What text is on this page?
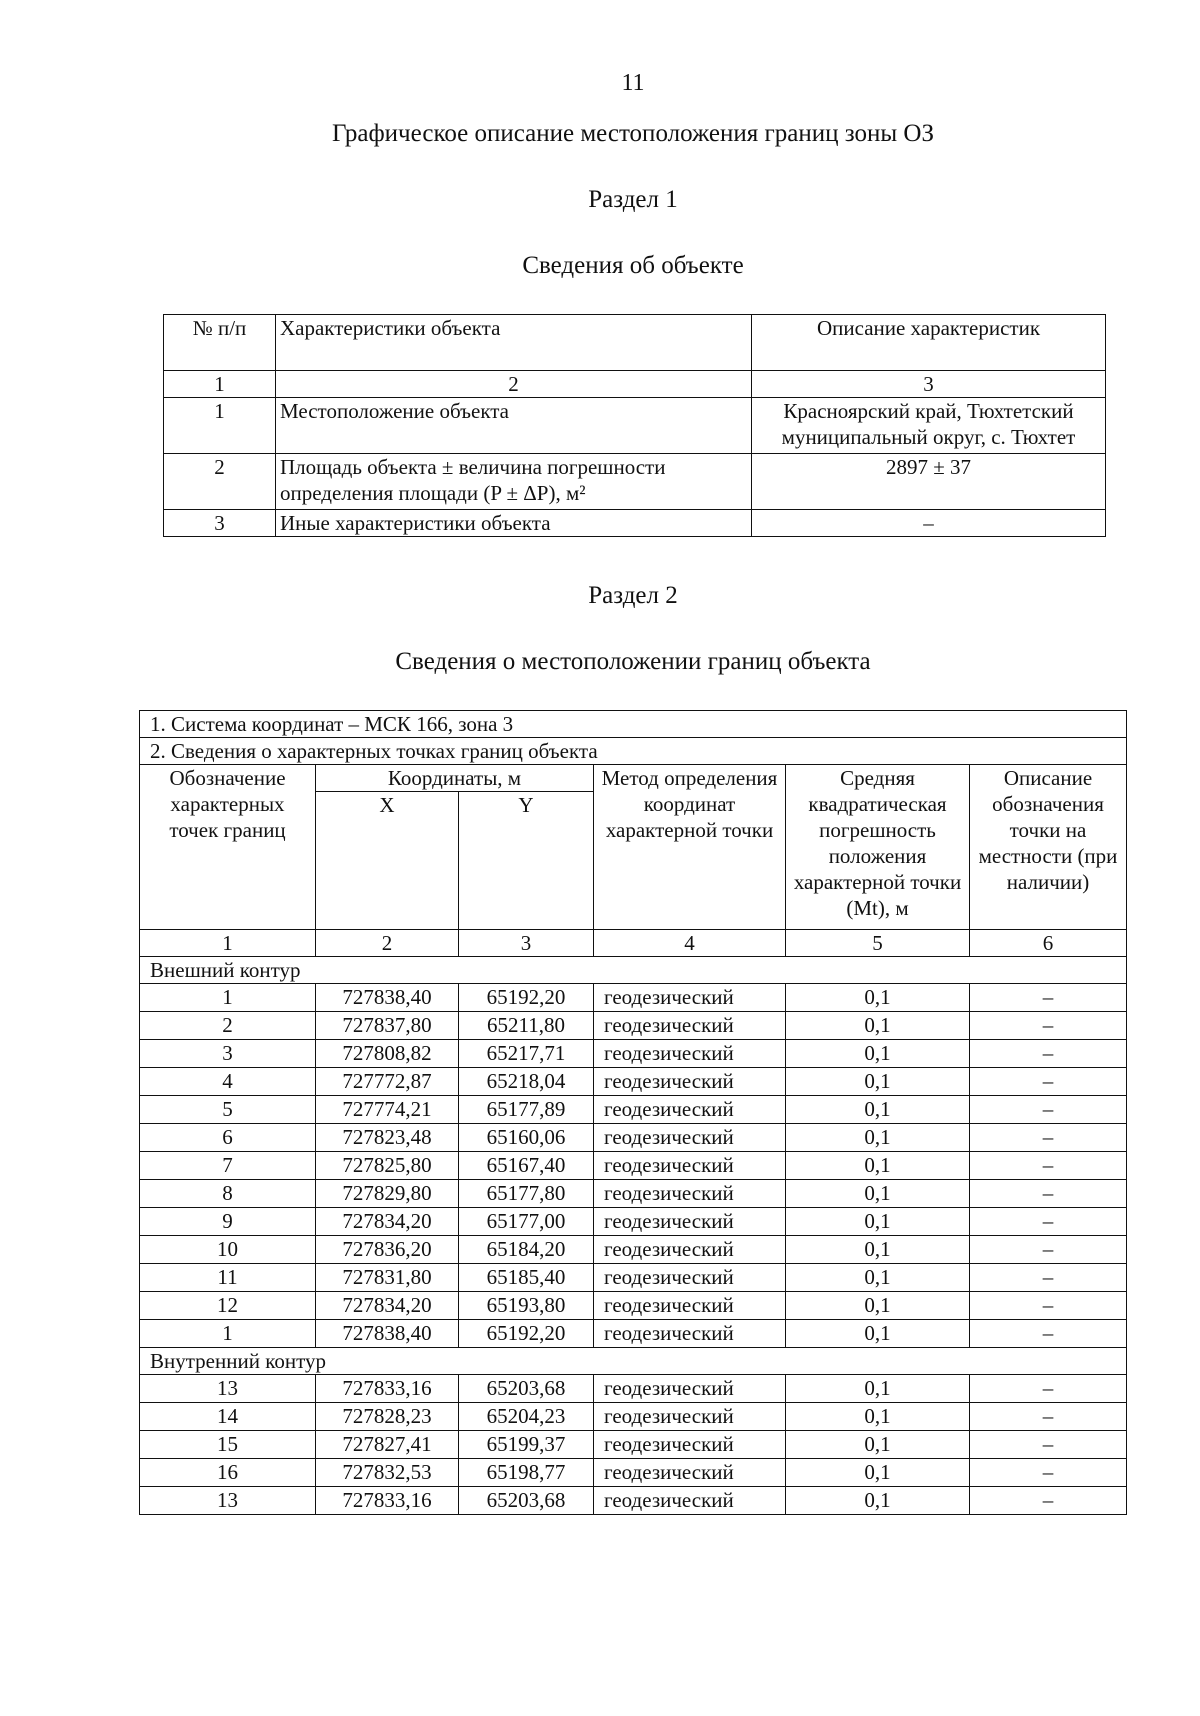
11
Графическое описание местоположения границ зоны ОЗ
Раздел 1
Сведения об объекте
№ п/п	Характеристики объекта	Описание характеристик
1	2	3
1	Местоположение объекта	Красноярский край, Тюхтетский муниципальный округ, с. Тюхтет
2	Площадь объекта ± величина погрешности определения площади (P ± ΔP), м²	2897 ± 37
3	Иные характеристики объекта	–
Раздел 2
Сведения о местоположении границ объекта
1. Система координат – МСК 166, зона 3					
2. Сведения о характерных точках границ объекта					
Обозначение характерных точек границ	Координаты, м		Метод определения координат характерной точки	Средняя квадратическая погрешность положения характерной точки (Mt), м	Описание обозначения точки на местности (при наличии)
	X	Y			
1	2	3	4	5	6
Внешний контур					
1	727838,40	65192,20	геодезический	0,1	–
2	727837,80	65211,80	геодезический	0,1	–
3	727808,82	65217,71	геодезический	0,1	–
4	727772,87	65218,04	геодезический	0,1	–
5	727774,21	65177,89	геодезический	0,1	–
6	727823,48	65160,06	геодезический	0,1	–
7	727825,80	65167,40	геодезический	0,1	–
8	727829,80	65177,80	геодезический	0,1	–
9	727834,20	65177,00	геодезический	0,1	–
10	727836,20	65184,20	геодезический	0,1	–
11	727831,80	65185,40	геодезический	0,1	–
12	727834,20	65193,80	геодезический	0,1	–
1	727838,40	65192,20	геодезический	0,1	–
Внутренний контур					
13	727833,16	65203,68	геодезический	0,1	–
14	727828,23	65204,23	геодезический	0,1	–
15	727827,41	65199,37	геодезический	0,1	–
16	727832,53	65198,77	геодезический	0,1	–
13	727833,16	65203,68	геодезический	0,1	–
